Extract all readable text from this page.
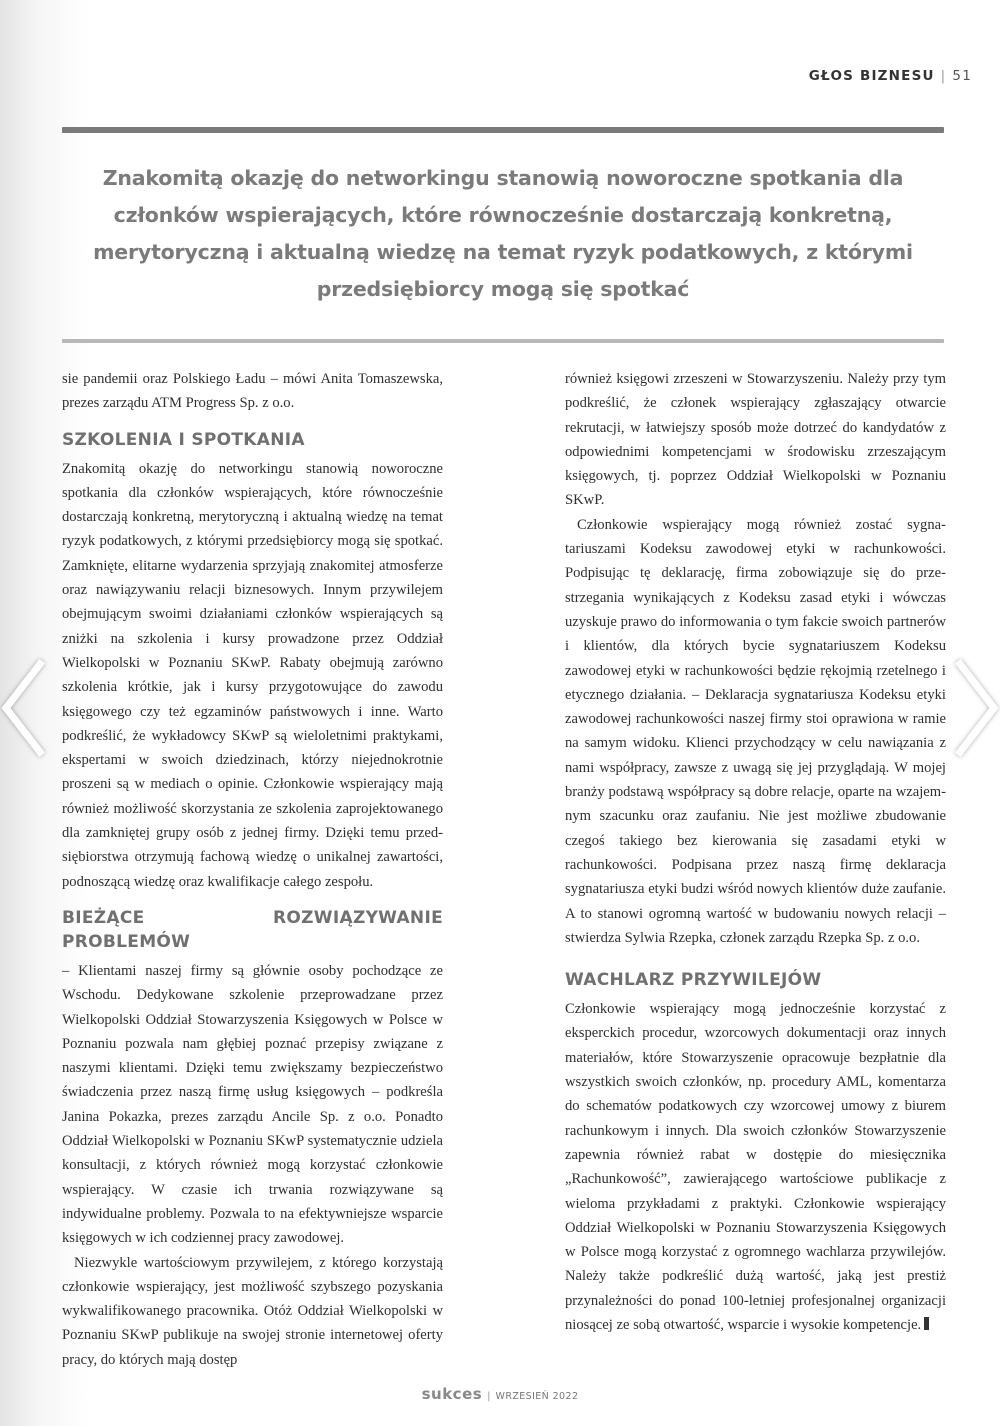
GŁOS BIZNESU | 51
Znakomitą okazję do networkingu stanowią noworoczne spotkania dla członków wspierających, które równocześnie dostarczają konkretną, merytoryczną i aktualną wiedzę na temat ryzyk podatkowych, z którymi przedsiębiorcy mogą się spotkać

sie pandemii oraz Polskiego Ładu – mówi Anita Tomaszewska, prezes zarządu ATM Progress Sp. z o.o.

SZKOLENIA I SPOTKANIA

Znakomitą okazję do networkingu stanowią noworoczne spotkania dla członków wspierających, które równocześnie dostarczają konkretną, merytoryczną i aktualną wiedzę na temat ryzyk podatkowych, z którymi przedsiębiorcy mogą się spotkać. Zamknięte, elitarne wydarzenia sprzyjają znakomitej atmosferze oraz nawiązywaniu relacji biznesowych. Innym przywilejem obejmującym swoimi działaniami członków wspierających są zniżki na szkolenia i kursy prowadzone przez Oddział Wielkopolski w Poznaniu SKwP. Rabaty obejmują zarówno szkolenia krótkie, jak i kursy przygotowujące do zawodu księgowego czy też egzaminów państwowych i inne. Warto podkreślić, że wykładowcy SKwP są wieloletnimi praktykami, ekspertami w swoich dziedzinach, którzy niejednokrotnie proszeni są w mediach o opinie. Członkowie wspierający mają również możliwość skorzystania ze szkolenia zaprojektowanego dla zamkniętej grupy osób z jednej firmy. Dzięki temu przedsiębiorstwa otrzymują fachową wiedzę o unikalnej zawartości, podnoszącą wiedzę oraz kwalifikacje całego zespołu.

BIEŻĄCE ROZWIĄZYWANIE PROBLEMÓW

– Klientami naszej firmy są głównie osoby pochodzące ze Wschodu. Dedykowane szkolenie przeprowadzane przez Wielkopolski Oddział Stowarzyszenia Księgowych w Polsce w Poznaniu pozwala nam głębiej poznać przepisy związane z naszymi klientami. Dzięki temu zwiększamy bezpieczeństwo świadczenia przez naszą firmę usług księgowych – podkreśla Janina Pokazka, prezes zarządu Ancile Sp. z o.o. Ponadto Oddział Wielkopolski w Poznaniu SKwP systematycznie udziela konsultacji, z których również mogą korzystać członkowie wspierający. W czasie ich trwania rozwiązywane są indywidualne problemy. Pozwala to na efektywniejsze wsparcie księgowych w ich codziennej pracy zawodowej.

Niezwykle wartościowym przywilejem, z którego korzystają członkowie wspierający, jest możliwość szybszego pozyskania wykwalifikowanego pracownika. Otóż Oddział Wielkopolski w Poznaniu SKwP publikuje na swojej stronie internetowej oferty pracy, do których mają dostęp

również księgowi zrzeszeni w Stowarzyszeniu. Należy przy tym podkreślić, że członek wspierający zgłaszający otwarcie rekrutacji, w łatwiejszy sposób może dotrzeć do kandydatów z odpowiednimi kompetencjami w środowisku zrzeszającym księgowych, tj. poprzez Oddział Wielkopolski w Poznaniu SKwP.

Członkowie wspierający mogą również zostać sygnatariuszami Kodeksu zawodowej etyki w rachunkowości. Podpisując tę deklarację, firma zobowiązuje się do przestrzegania wynikających z Kodeksu zasad etyki i wówczas uzyskuje prawo do informowania o tym fakcie swoich partnerów i klientów, dla których bycie sygnatariuszem Kodeksu zawodowej etyki w rachunkowości będzie rękojmią rzetelnego i etycznego działania. – Deklaracja sygnatariusza Kodeksu etyki zawodowej rachunkowości naszej firmy stoi oprawiona w ramie na samym widoku. Klienci przychodzący w celu nawiązania z nami współpracy, zawsze z uwagą się jej przyglądają. W mojej branży podstawą współpracy są dobre relacje, oparte na wzajemnym szacunku oraz zaufaniu. Nie jest możliwe zbudowanie czegoś takiego bez kierowania się zasadami etyki w rachunkowości. Podpisana przez naszą firmę deklaracja sygnatariusza etyki budzi wśród nowych klientów duże zaufanie. A to stanowi ogromną wartość w budowaniu nowych relacji – stwierdza Sylwia Rzepka, członek zarządu Rzepka Sp. z o.o.

WACHLARZ PRZYWILEJÓW

Członkowie wspierający mogą jednocześnie korzystać z eksperckich procedur, wzorcowych dokumentacji oraz innych materiałów, które Stowarzyszenie opracowuje bezpłatnie dla wszystkich swoich członków, np. procedury AML, komentarza do schematów podatkowych czy wzorcowej umowy z biurem rachunkowym i innych. Dla swoich członków Stowarzyszenie zapewnia również rabat w dostępie do miesięcznika „Rachunkowość”, zawierającego wartościowe publikacje z wieloma przykładami z praktyki. Członkowie wspierający Oddział Wielkopolski w Poznaniu Stowarzyszenia Księgowych w Polsce mogą korzystać z ogromnego wachlarza przywilejów. Należy także podkreślić dużą wartość, jaką jest prestiż przynależności do ponad 100-letniej profesjonalnej organizacji niosącej ze sobą otwartość, wsparcie i wysokie kompetencje.

sukces | WRZESIEŃ 2022
